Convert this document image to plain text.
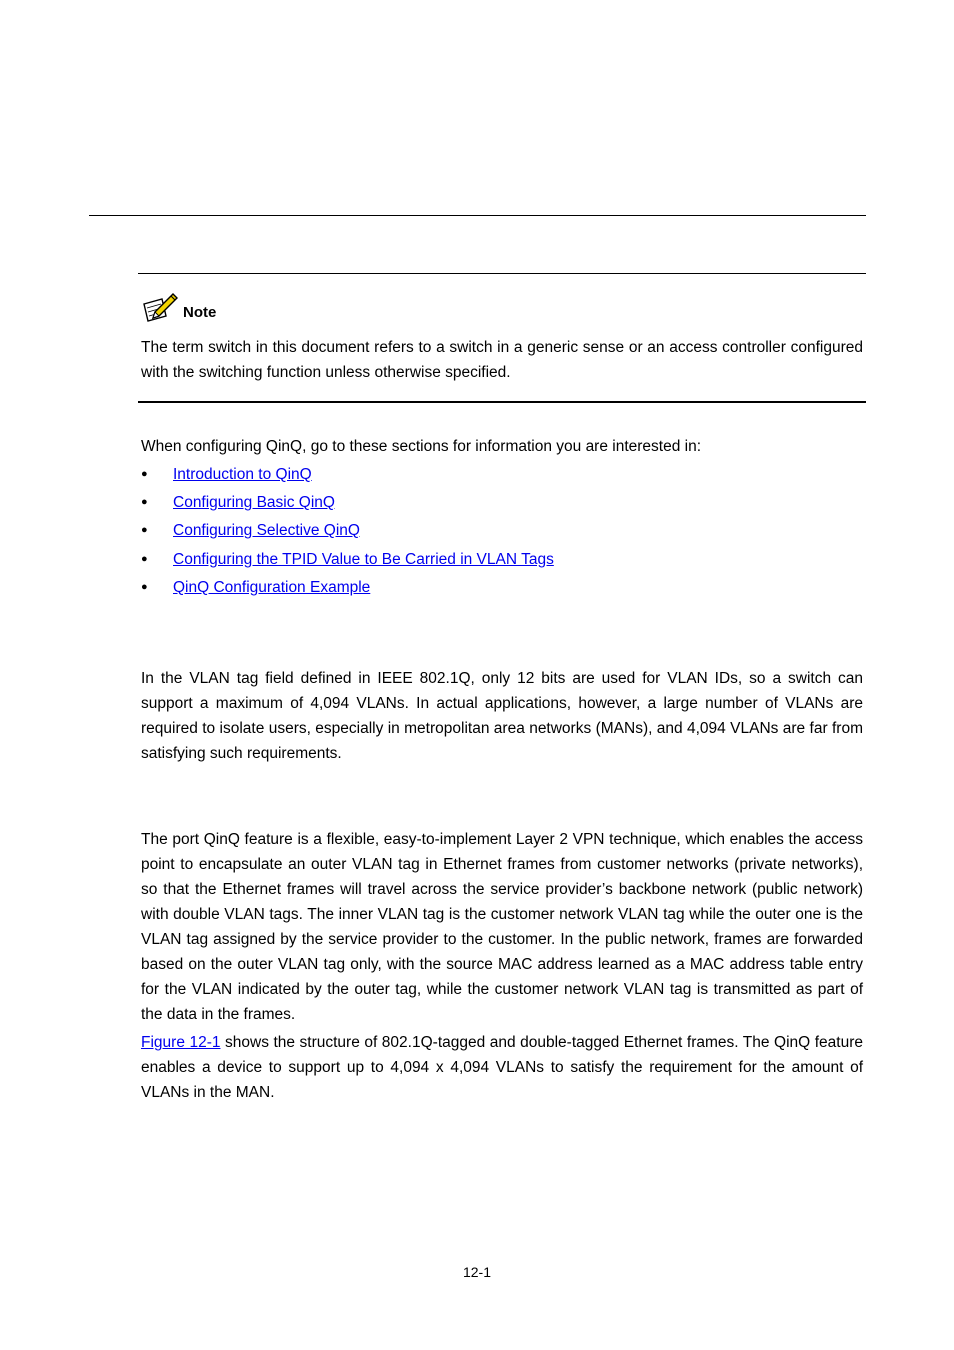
Note
The term switch in this document refers to a switch in a generic sense or an access controller configured with the switching function unless otherwise specified.
When configuring QinQ, go to these sections for information you are interested in:
●	Introduction to QinQ
●	Configuring Basic QinQ
●	Configuring Selective QinQ
●	Configuring the TPID Value to Be Carried in VLAN Tags
●	QinQ Configuration Example
In the VLAN tag field defined in IEEE 802.1Q, only 12 bits are used for VLAN IDs, so a switch can support a maximum of 4,094 VLANs. In actual applications, however, a large number of VLANs are required to isolate users, especially in metropolitan area networks (MANs), and 4,094 VLANs are far from satisfying such requirements.
The port QinQ feature is a flexible, easy-to-implement Layer 2 VPN technique, which enables the access point to encapsulate an outer VLAN tag in Ethernet frames from customer networks (private networks), so that the Ethernet frames will travel across the service provider’s backbone network (public network) with double VLAN tags. The inner VLAN tag is the customer network VLAN tag while the outer one is the VLAN tag assigned by the service provider to the customer. In the public network, frames are forwarded based on the outer VLAN tag only, with the source MAC address learned as a MAC address table entry for the VLAN indicated by the outer tag, while the customer network VLAN tag is transmitted as part of the data in the frames.
Figure 12-1 shows the structure of 802.1Q-tagged and double-tagged Ethernet frames. The QinQ feature enables a device to support up to 4,094 x 4,094 VLANs to satisfy the requirement for the amount of VLANs in the MAN.
12-1
